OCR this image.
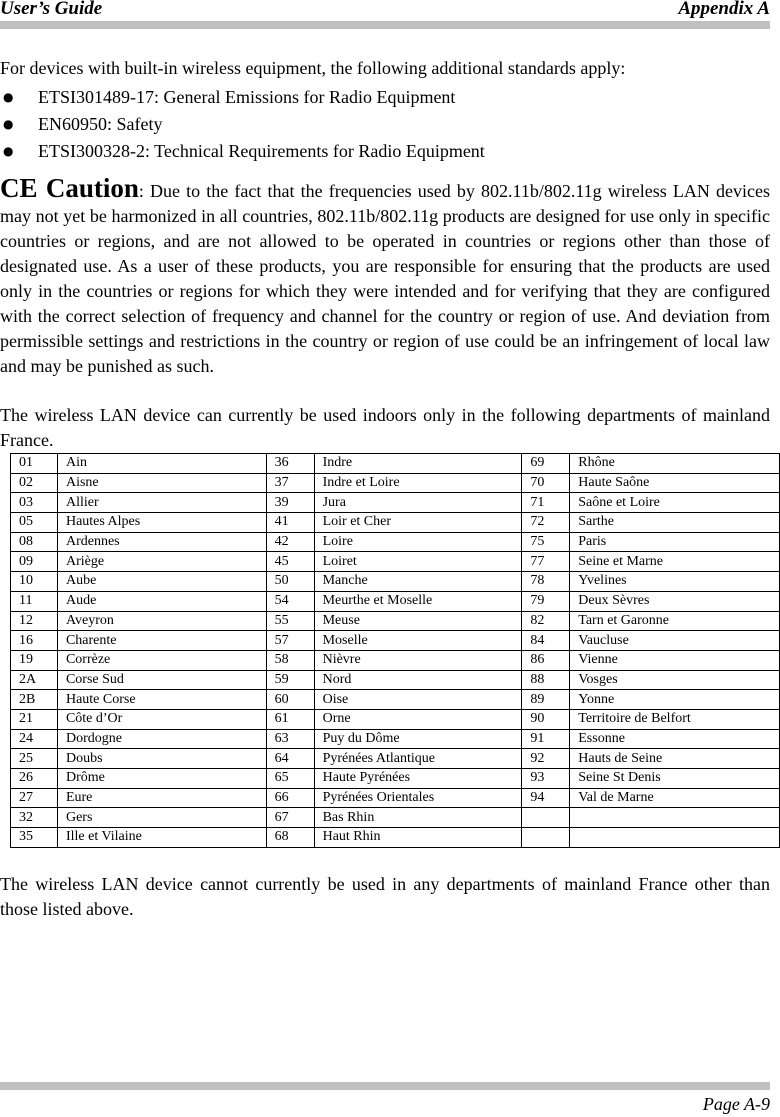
User’s Guide	Appendix A

For devices with built-in wireless equipment, the following additional standards apply:

● ETSI301489-17: General Emissions for Radio Equipment
● EN60950: Safety
● ETSI300328-2: Technical Requirements for Radio Equipment

CE Caution: Due to the fact that the frequencies used by 802.11b/802.11g wireless LAN devices may not yet be harmonized in all countries, 802.11b/802.11g products are designed for use only in specific countries or regions, and are not allowed to be operated in countries or regions other than those of designated use. As a user of these products, you are responsible for ensuring that the products are used only in the countries or regions for which they were intended and for verifying that they are configured with the correct selection of frequency and channel for the country or region of use. And deviation from permissible settings and restrictions in the country or region of use could be an infringement of local law and may be punished as such.

The wireless LAN device can currently be used indoors only in the following departments of mainland France.

01	Ain	36	Indre	69	Rhône
02	Aisne	37	Indre et Loire	70	Haute Saône
03	Allier	39	Jura	71	Saône et Loire
05	Hautes Alpes	41	Loir et Cher	72	Sarthe
08	Ardennes	42	Loire	75	Paris
09	Ariège	45	Loiret	77	Seine et Marne
10	Aube	50	Manche	78	Yvelines
11	Aude	54	Meurthe et Moselle	79	Deux Sèvres
12	Aveyron	55	Meuse	82	Tarn et Garonne
16	Charente	57	Moselle	84	Vaucluse
19	Corrèze	58	Nièvre	86	Vienne
2A	Corse Sud	59	Nord	88	Vosges
2B	Haute Corse	60	Oise	89	Yonne
21	Côte d’Or	61	Orne	90	Territoire de Belfort
24	Dordogne	63	Puy du Dôme	91	Essonne
25	Doubs	64	Pyrénées Atlantique	92	Hauts de Seine
26	Drôme	65	Haute Pyrénées	93	Seine St Denis
27	Eure	66	Pyrénées Orientales	94	Val de Marne
32	Gers	67	Bas Rhin		
35	Ille et Vilaine	68	Haut Rhin		

The wireless LAN device cannot currently be used in any departments of mainland France other than those listed above.

Page A-9
